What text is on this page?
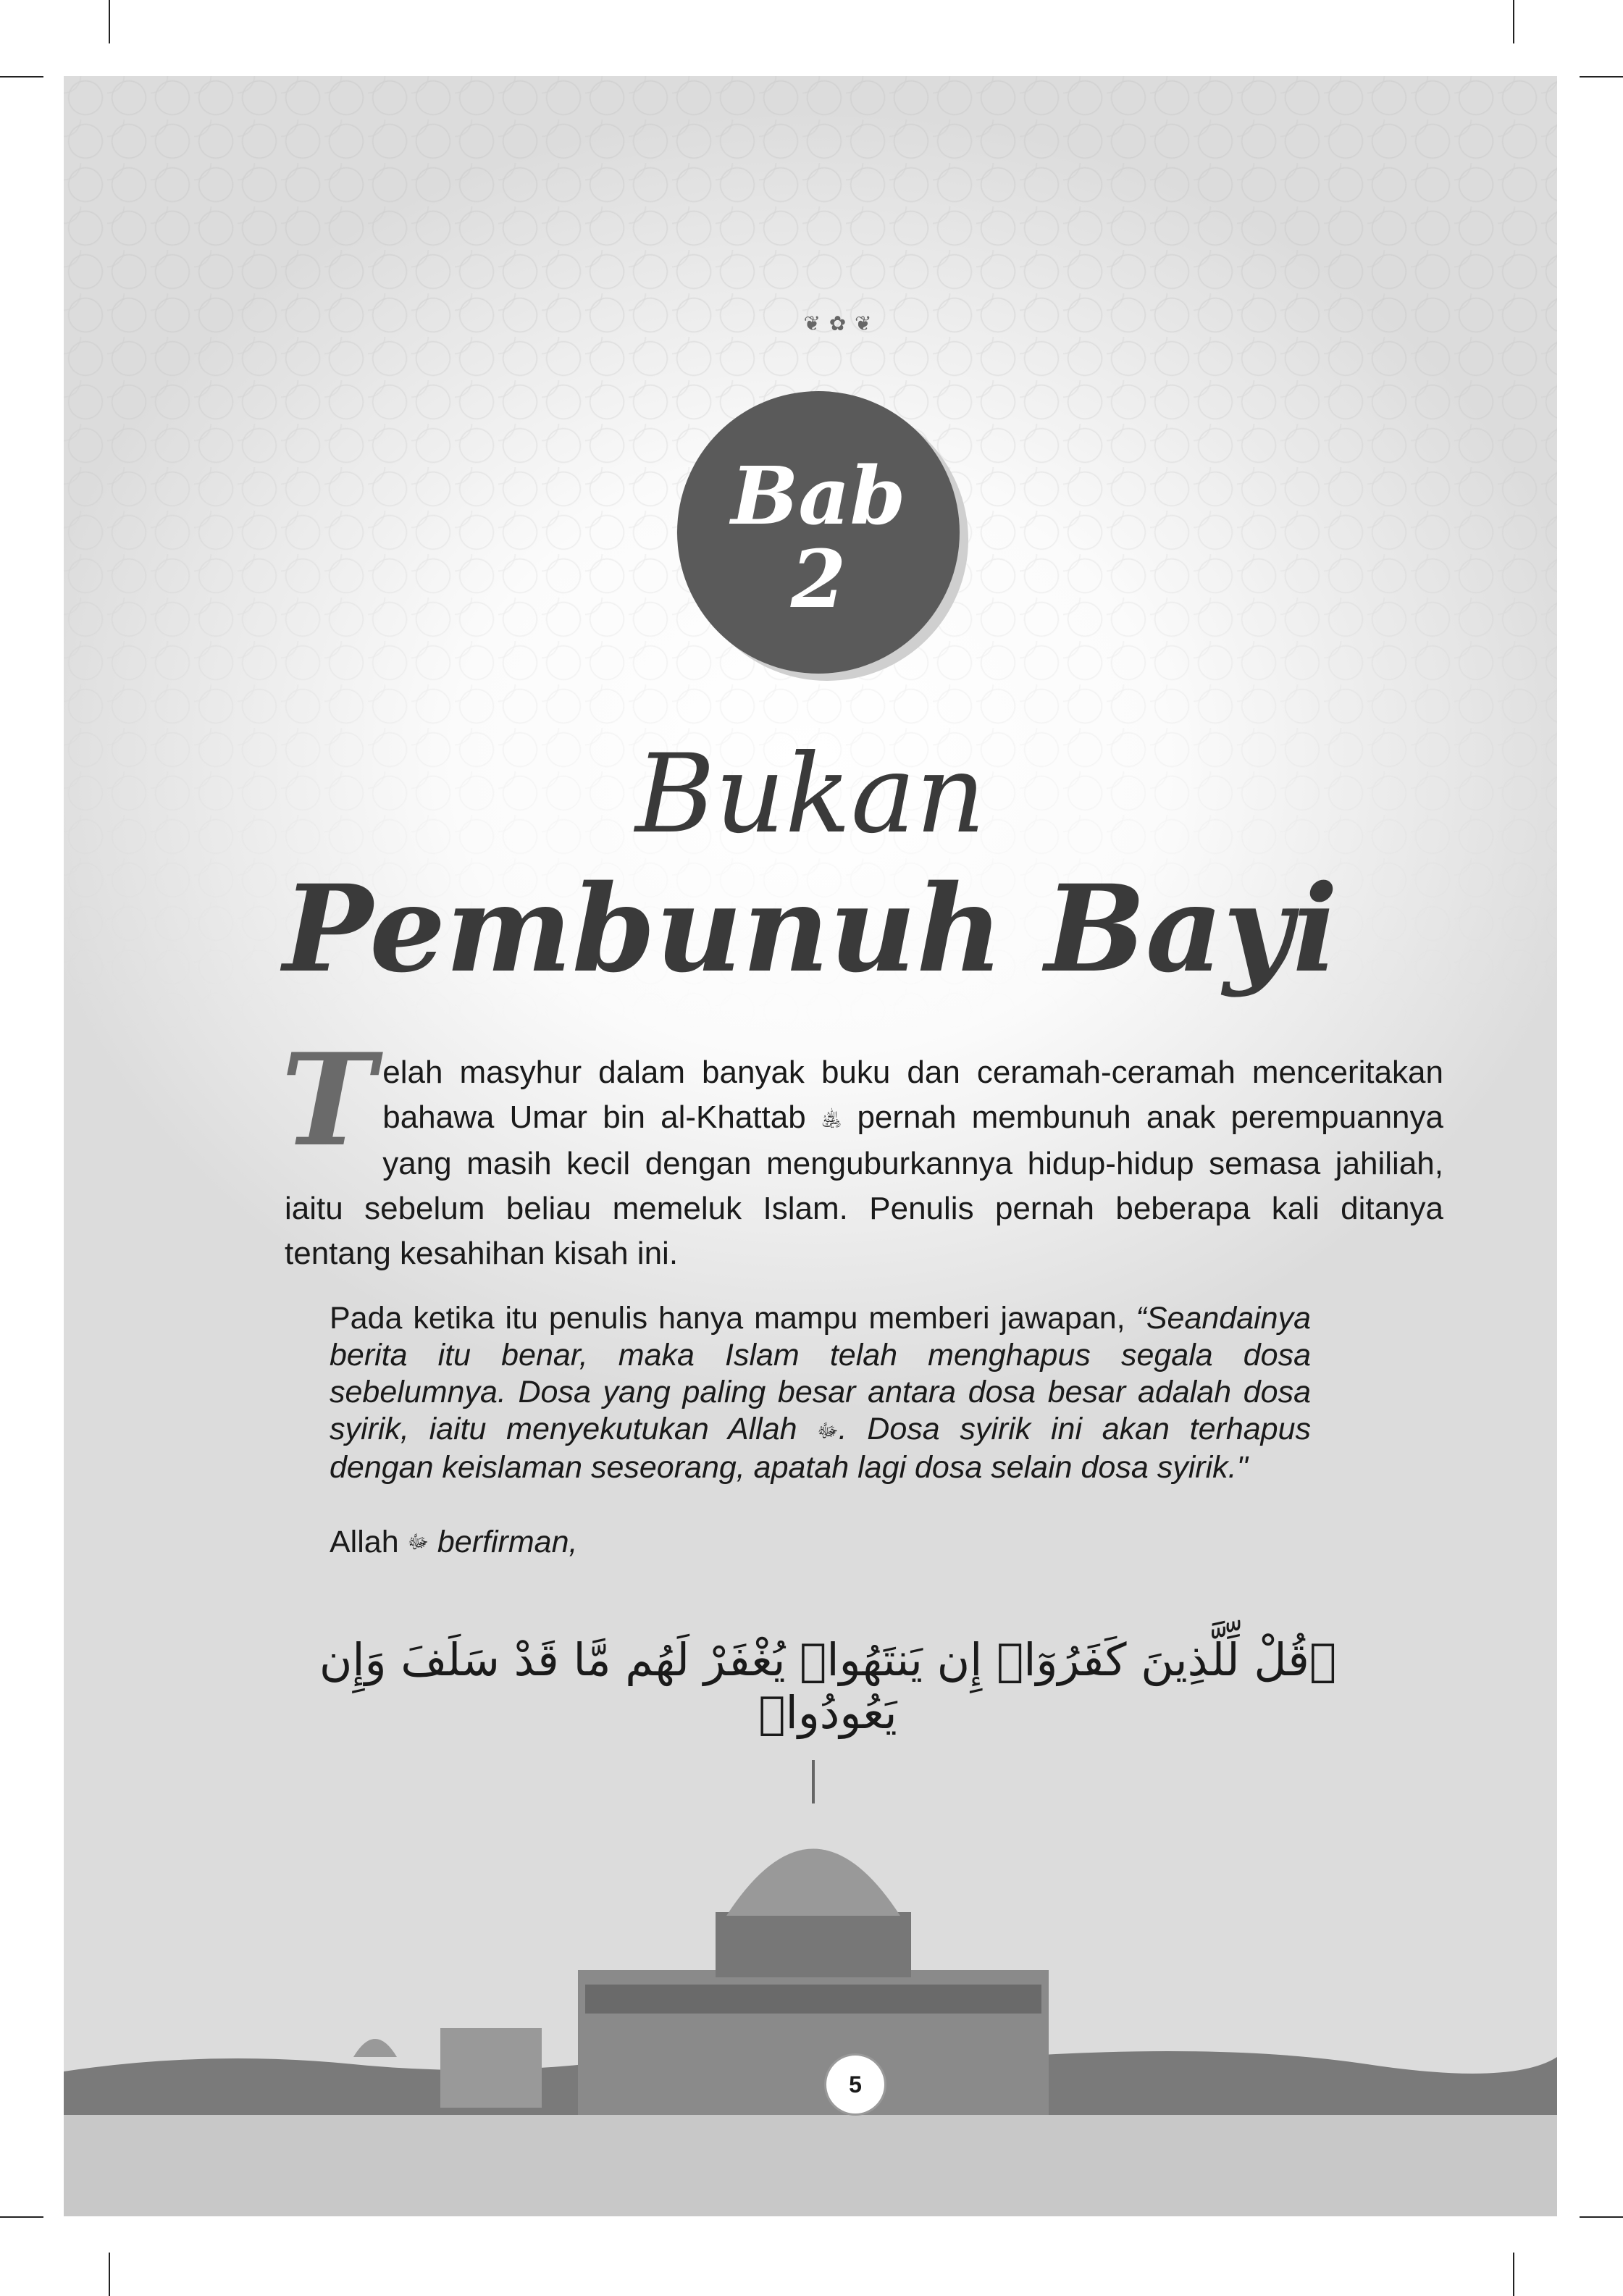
❦ ✿ ❦
Bab
2
Bukan
Pembunuh Bayi
Telah masyhur dalam banyak buku dan ceramah-ceramah menceritakan bahawa Umar bin al-Khattab ﵁ pernah membunuh anak perempuannya yang masih kecil dengan menguburkannya hidup-hidup semasa jahiliah, iaitu sebelum beliau memeluk Islam. Penulis pernah beberapa kali ditanya tentang kesahihan kisah ini.
Pada ketika itu penulis hanya mampu memberi jawapan, “Seandainya berita itu benar, maka Islam telah menghapus segala dosa sebelumnya. Dosa yang paling besar antara dosa besar adalah dosa syirik, iaitu menyekutukan Allah ﷻ. Dosa syirik ini akan terhapus dengan keislaman seseorang, apatah lagi dosa selain dosa syirik."
Allah ﷻ berfirman,
﴿قُلْ لِّلَّذِينَ كَفَرُوٓا۟ إِن يَنتَهُوا۟ يُغْفَرْ لَهُم مَّا قَدْ سَلَفَ وَإِن يَعُودُوا۟
5
